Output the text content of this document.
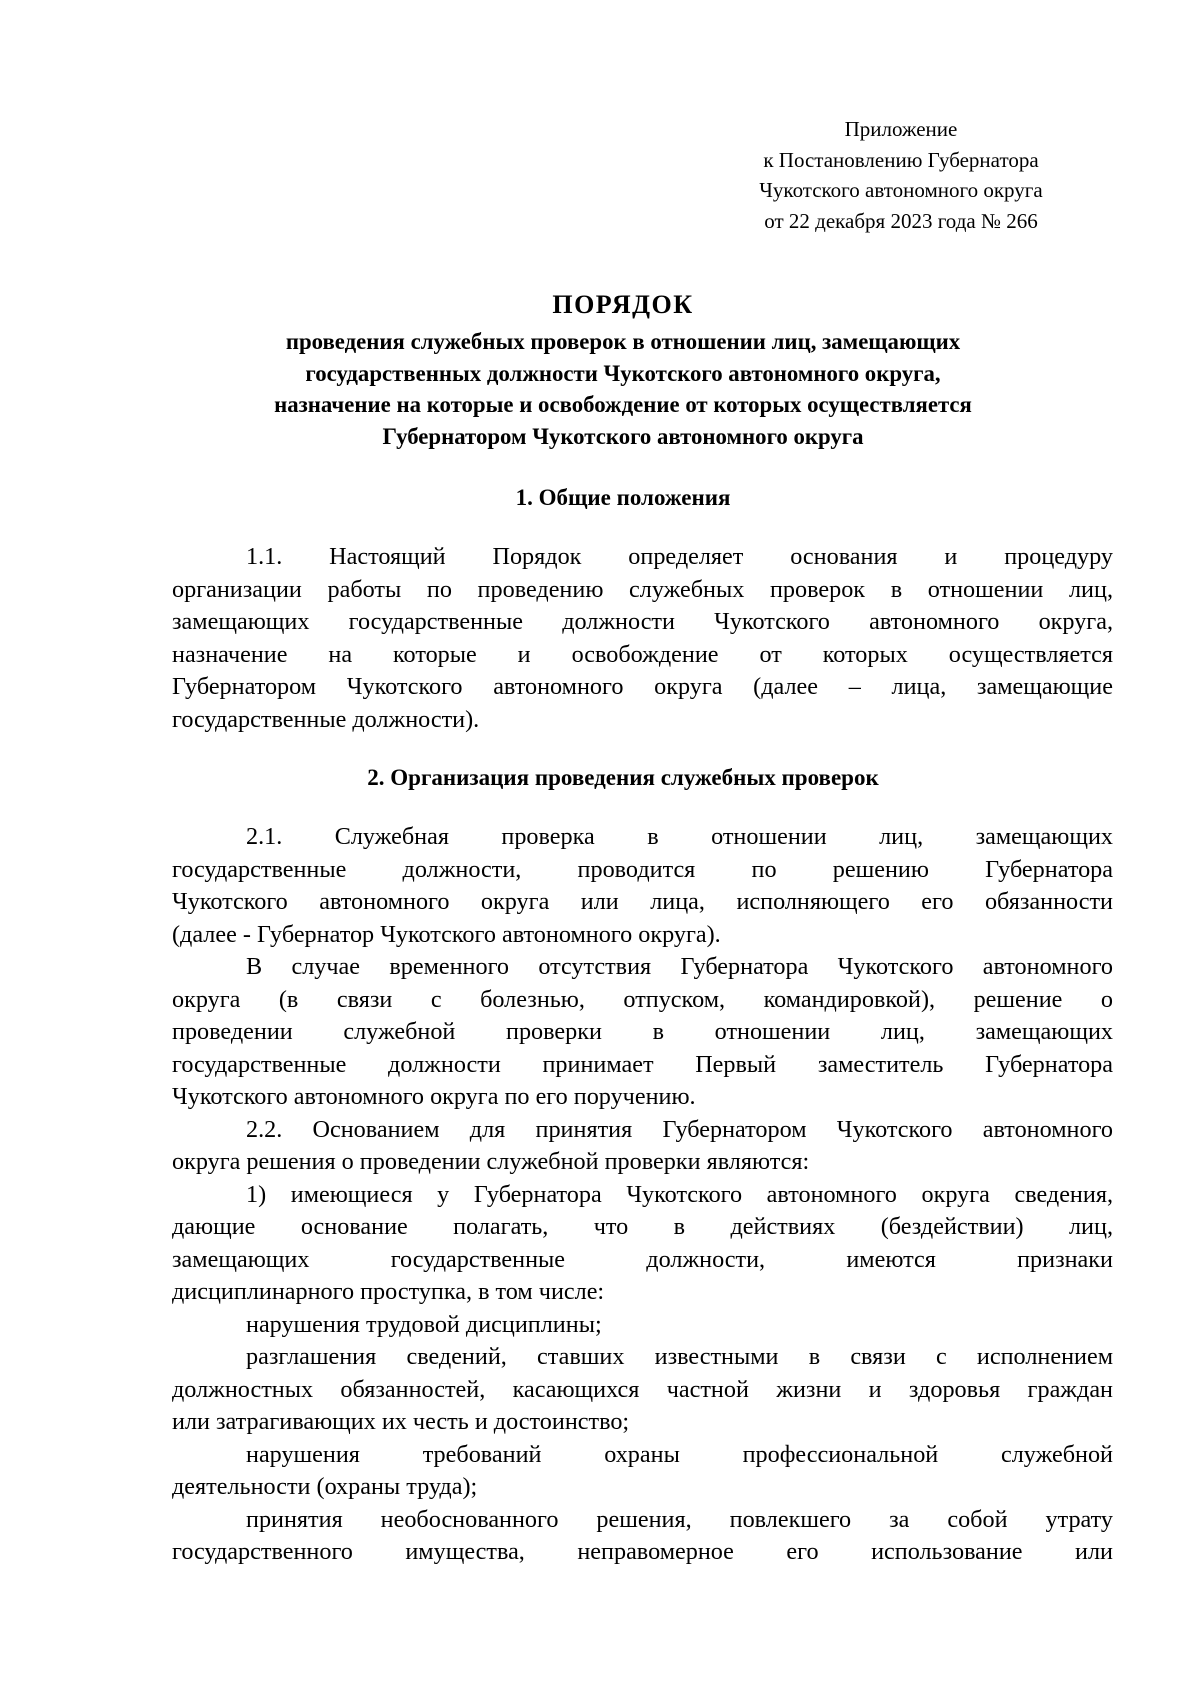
Приложение
к Постановлению Губернатора
Чукотского автономного округа
от 22 декабря 2023 года № 266
ПОРЯДОК
проведения служебных проверок в отношении лиц, замещающих
государственных должности Чукотского автономного округа,
назначение на которые и освобождение от которых осуществляется
Губернатором Чукотского автономного округа
1. Общие положения
1.1. Настоящий Порядок определяет основания и процедуру
организации работы по проведению служебных проверок в отношении лиц,
замещающих государственные должности Чукотского автономного округа,
назначение на которые и освобождение от которых осуществляется
Губернатором Чукотского автономного округа (далее – лица, замещающие
государственные должности).
2. Организация проведения служебных проверок
2.1. Служебная проверка в отношении лиц, замещающих
государственные должности, проводится по решению Губернатора
Чукотского автономного округа или лица, исполняющего его обязанности
(далее - Губернатор Чукотского автономного округа).
В случае временного отсутствия Губернатора Чукотского автономного
округа (в связи с болезнью, отпуском, командировкой), решение о
проведении служебной проверки в отношении лиц, замещающих
государственные должности принимает Первый заместитель Губернатора
Чукотского автономного округа по его поручению.
2.2. Основанием для принятия Губернатором Чукотского автономного
округа решения о проведении служебной проверки являются:
1) имеющиеся у Губернатора Чукотского автономного округа сведения,
дающие основание полагать, что в действиях (бездействии) лиц,
замещающих государственные должности, имеются признаки
дисциплинарного проступка, в том числе:
нарушения трудовой дисциплины;
разглашения сведений, ставших известными в связи с исполнением
должностных обязанностей, касающихся частной жизни и здоровья граждан
или затрагивающих их честь и достоинство;
нарушения требований охраны профессиональной служебной
деятельности (охраны труда);
принятия необоснованного решения, повлекшего за собой утрату
государственного имущества, неправомерное его использование или
